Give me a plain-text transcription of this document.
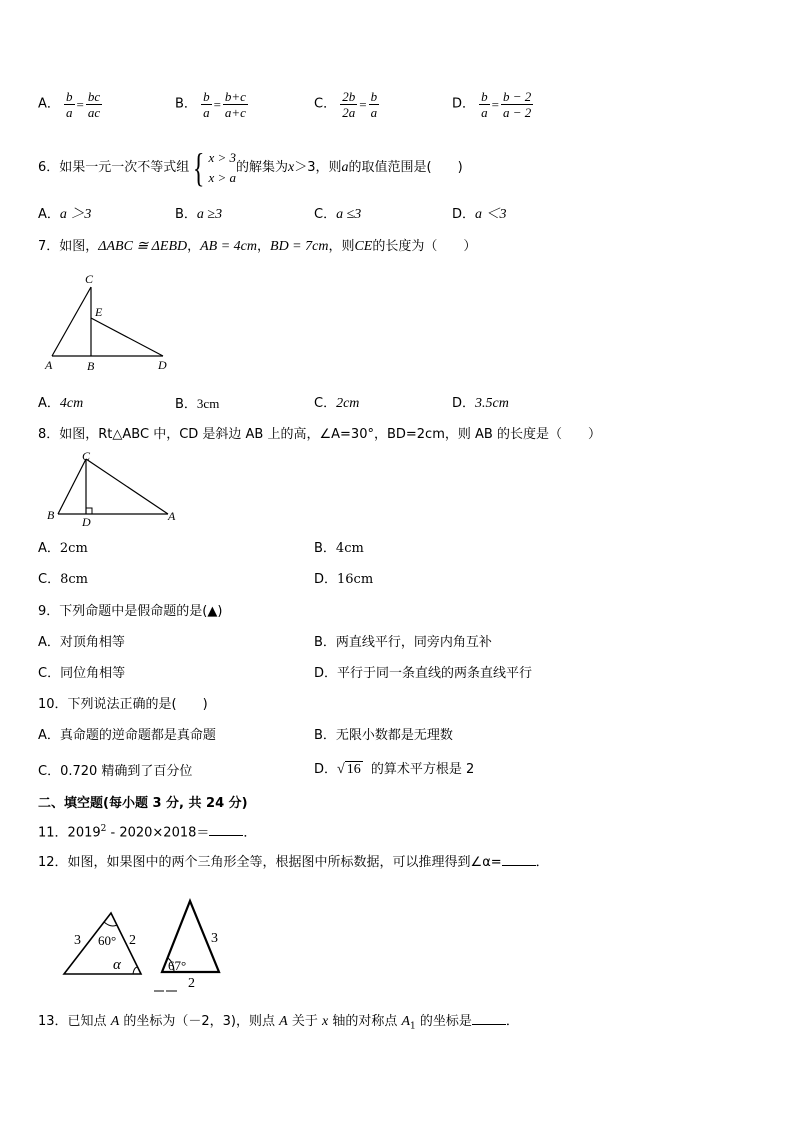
A． $\frac{b}{a} = \frac{bc}{ac}$	B． $\frac{b}{a} = \frac{b+c}{a+c}$	C． $\frac{2b}{2a} = \frac{b}{a}$	D． $\frac{b}{a} = \frac{b - 2}{a - 2}$
6．如果一元一次不等式组{ x > 3
x > a
的解集为x＞3，则a的取值范围是(　　)
A．a ＞3	B．a ≥3	C．a ≤3	D．a ＜3
7．如图，ΔABC ≅ ΔEBD，AB = 4cm，BD = 7cm，则CE的长度为（　　）
C
E
A	B	D
A．4cm	B．3cm	C．2cm	D．3.5cm
8．如图，Rt△ABC 中，CD 是斜边 AB 上的高，∠A=30°，BD=2cm，则 AB 的长度是（　　）
C
B D	A
A．2cm	B．4cm
C．8cm	D．16cm
9．下列命题中是假命题的是(▲)
A．对顶角相等	B．两直线平行，同旁内角互补
C．同位角相等	D．平行于同一条直线的两条直线平行
10．下列说法正确的是(　　)
A．真命题的逆命题都是真命题	B．无限小数都是无理数
C．0.720 精确到了百分位	D．√ 16 的算术平方根是 2
二、填空题(每小题 3 分, 共 24 分)
11．2019$^2$ - 2020×2018＝	．
12．如图，如果图中的两个三角形全等，根据图中所标数据，可以推理得到∠α=	．
3 60° 2
α
3
67°
2
13．已知点 A 的坐标为（－2，3)，则点 A 关于 x 轴的对称点 $A_1$ 的坐标是	．
